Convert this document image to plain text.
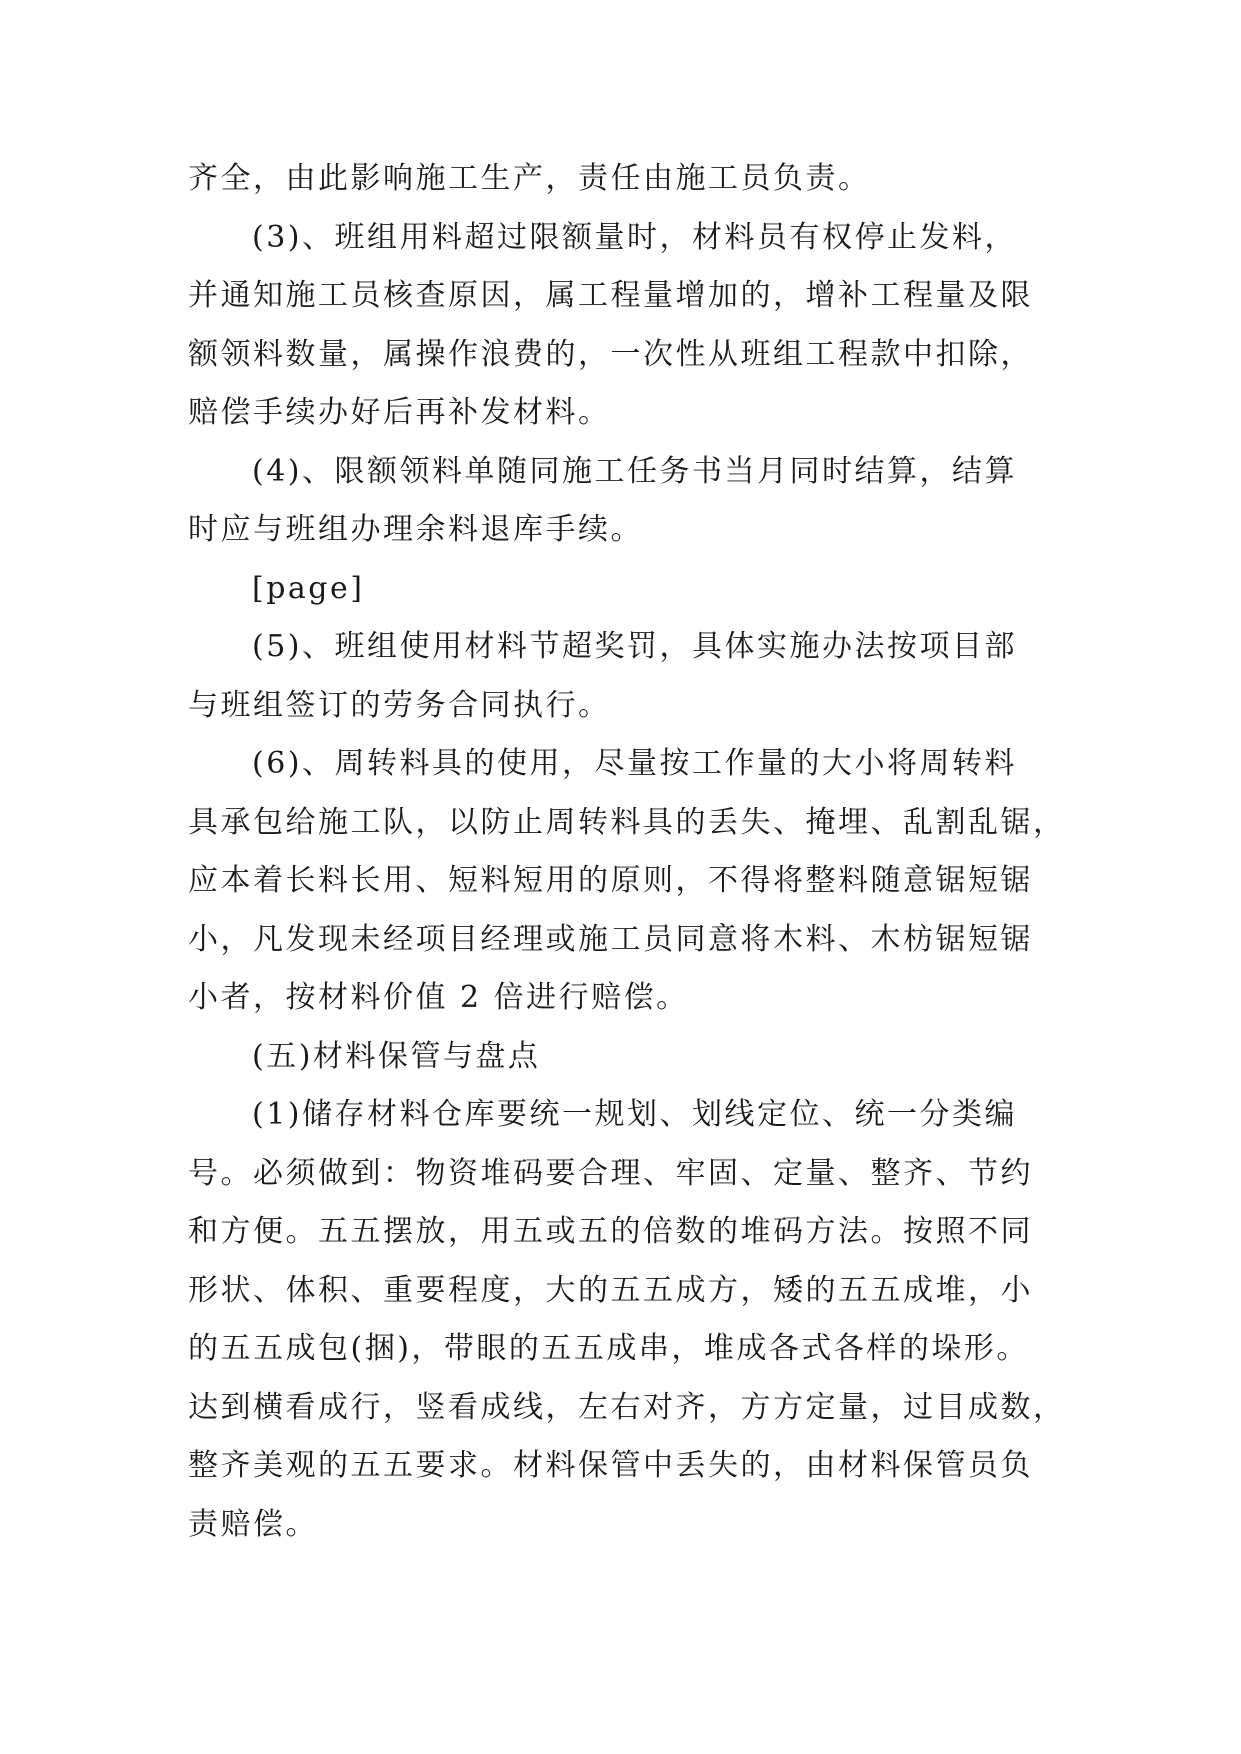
齐全，由此影响施工生产，责任由施工员负责。
(3)、班组用料超过限额量时，材料员有权停止发料，
并通知施工员核查原因，属工程量增加的，增补工程量及限
额领料数量，属操作浪费的，一次性从班组工程款中扣除，
赔偿手续办好后再补发材料。
(4)、限额领料单随同施工任务书当月同时结算，结算
时应与班组办理余料退库手续。
[page]
(5)、班组使用材料节超奖罚，具体实施办法按项目部
与班组签订的劳务合同执行。
(6)、周转料具的使用，尽量按工作量的大小将周转料
具承包给施工队，以防止周转料具的丢失、掩埋、乱割乱锯，
应本着长料长用、短料短用的原则，不得将整料随意锯短锯
小，凡发现未经项目经理或施工员同意将木料、木枋锯短锯
小者，按材料价值 2 倍进行赔偿。
(五)材料保管与盘点
(1)储存材料仓库要统一规划、划线定位、统一分类编
号。必须做到：物资堆码要合理、牢固、定量、整齐、节约
和方便。五五摆放，用五或五的倍数的堆码方法。按照不同
形状、体积、重要程度，大的五五成方，矮的五五成堆，小
的五五成包(捆)，带眼的五五成串，堆成各式各样的垛形。
达到横看成行，竖看成线，左右对齐，方方定量，过目成数，
整齐美观的五五要求。材料保管中丢失的，由材料保管员负
责赔偿。
